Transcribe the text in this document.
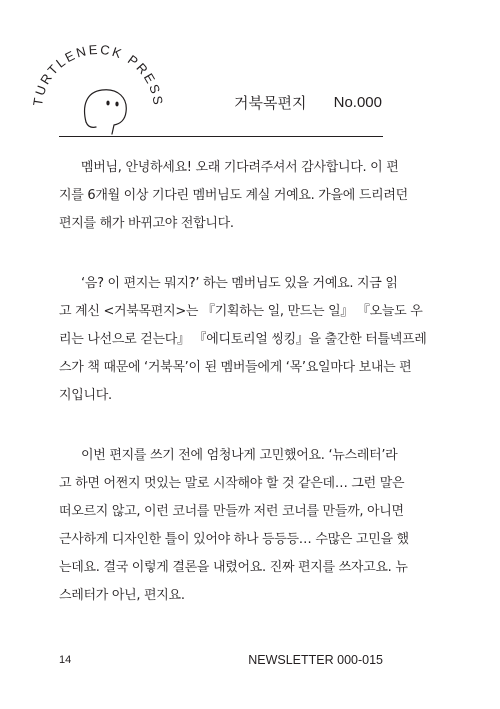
TURTLENECK PRESS	거북목편지	No.000

멤버님, 안녕하세요! 오래 기다려주셔서 감사합니다. 이 편
지를 6개월 이상 기다린 멤버님도 계실 거예요. 가을에 드리려던
편지를 해가 바뀌고야 전합니다.

‘음? 이 편지는 뭐지?’ 하는 멤버님도 있을 거예요. 지금 읽
고 계신 <거북목편지>는 『기획하는 일, 만드는 일』 『오늘도 우
리는 나선으로 걷는다』 『에디토리얼 씽킹』을 출간한 터틀넥프레
스가 책 때문에 ‘거북목’이 된 멤버들에게 ‘목’요일마다 보내는 편
지입니다.

이번 편지를 쓰기 전에 엄청나게 고민했어요. ‘뉴스레터’라
고 하면 어쩐지 멋있는 말로 시작해야 할 것 같은데… 그런 말은
떠오르지 않고, 이런 코너를 만들까 저런 코너를 만들까, 아니면
근사하게 디자인한 틀이 있어야 하나 등등등… 수많은 고민을 했
는데요. 결국 이렇게 결론을 내렸어요. 진짜 편지를 쓰자고요. 뉴
스레터가 아닌, 편지요.

14	NEWSLETTER 000-015
